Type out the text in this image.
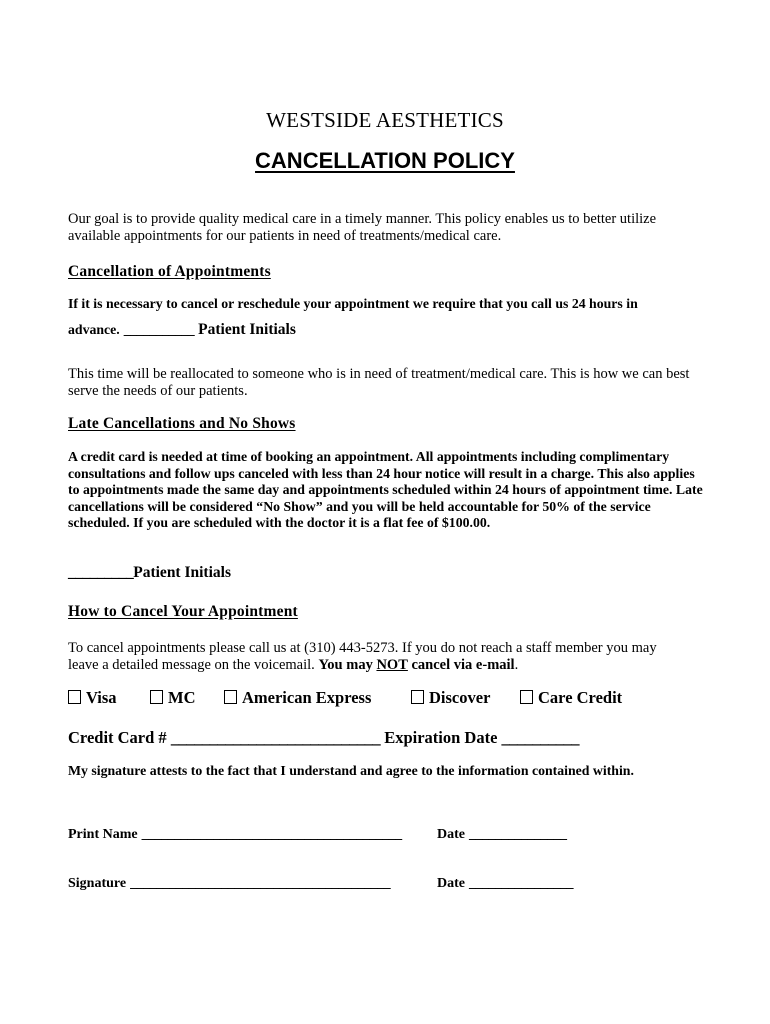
WESTSIDE AESTHETICS
CANCELLATION POLICY
Our goal is to provide quality medical care in a timely manner. This policy enables us to better utilize available appointments for our patients in need of treatments/medical care.
Cancellation of Appointments
If it is necessary to cancel or reschedule your appointment we require that you call us 24 hours in
advance. ___________ Patient Initials
This time will be reallocated to someone who is in need of treatment/medical care. This is how we can best serve the needs of our patients.
Late Cancellations and No Shows
A credit card is needed at time of booking an appointment. All appointments including complimentary consultations and follow ups canceled with less than 24 hour notice will result in a charge. This also applies to appointments made the same day and appointments scheduled within 24 hours of appointment time. Late cancellations will be considered “No Show” and you will be held accountable for 50% of the service scheduled. If you are scheduled with the doctor it is a flat fee of $100.00.
_________Patient Initials
How to Cancel Your Appointment
To cancel appointments please call us at (310) 443-5273. If you do not reach a staff member you may
leave a detailed message on the voicemail. You may NOT cancel via e-mail.
Visa	MC	American Express	Discover	Care Credit
Credit Card # ___________________________ Expiration Date __________
My signature attests to the fact that I understand and agree to the information contained within.
Print Name ________________________________________	Date _______________
Signature ________________________________________	Date ________________
